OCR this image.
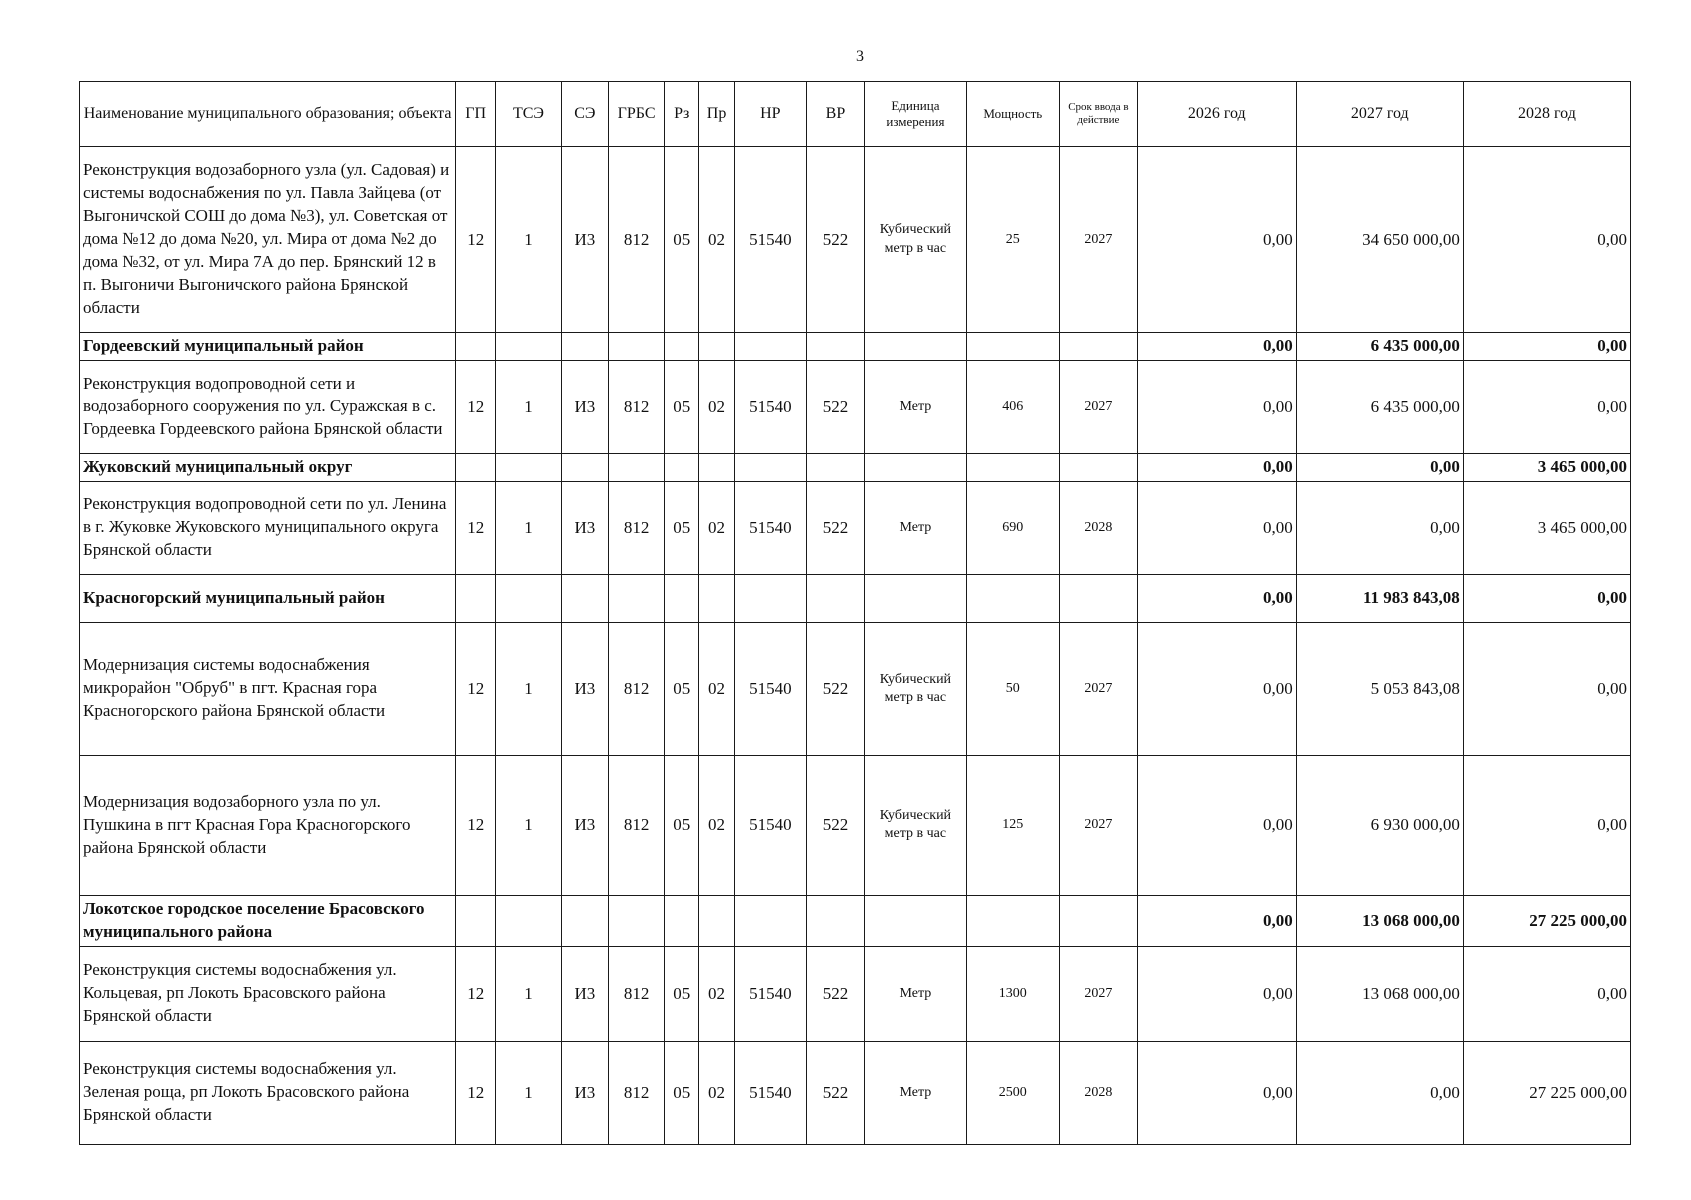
3
Наименование муниципального образования; объекта	ГП	ТСЭ	СЭ	ГРБС	Рз	Пр	НР	ВР	Единица измерения	Мощность	Срок ввода в действие	2026 год	2027 год	2028 год
Реконструкция водозаборного узла (ул. Садовая) и системы водоснабжения по ул. Павла Зайцева (от Выгоничской СОШ до дома №3), ул. Советская от дома №12 до дома №20, ул. Мира от дома №2 до дома №32, от ул. Мира 7А до пер. Брянский 12 в п. Выгоничи Выгоничского района Брянской области	12	1	И3	812	05	02	51540	522	Кубический метр в час	25	2027	0,00	34 650 000,00	0,00
Гордеевский муниципальный район												0,00	6 435 000,00	0,00
Реконструкция водопроводной сети и водозаборного сооружения по ул. Суражская в с. Гордеевка Гордеевского района Брянской области	12	1	И3	812	05	02	51540	522	Метр	406	2027	0,00	6 435 000,00	0,00
Жуковский муниципальный округ												0,00	0,00	3 465 000,00
Реконструкция водопроводной сети по ул. Ленина в г. Жуковке Жуковского муниципального округа Брянской области	12	1	И3	812	05	02	51540	522	Метр	690	2028	0,00	0,00	3 465 000,00
Красногорский муниципальный район												0,00	11 983 843,08	0,00
Модернизация системы водоснабжения микрорайон "Обруб" в пгт. Красная гора Красногорского района Брянской области	12	1	И3	812	05	02	51540	522	Кубический метр в час	50	2027	0,00	5 053 843,08	0,00
Модернизация водозаборного узла по ул. Пушкина в пгт Красная Гора Красногорского района Брянской области	12	1	И3	812	05	02	51540	522	Кубический метр в час	125	2027	0,00	6 930 000,00	0,00
Локотское городское поселение Брасовского муниципального района												0,00	13 068 000,00	27 225 000,00
Реконструкция системы водоснабжения ул. Кольцевая, рп Локоть Брасовского района Брянской области	12	1	И3	812	05	02	51540	522	Метр	1300	2027	0,00	13 068 000,00	0,00
Реконструкция системы водоснабжения ул. Зеленая роща, рп Локоть Брасовского района Брянской области	12	1	И3	812	05	02	51540	522	Метр	2500	2028	0,00	0,00	27 225 000,00
